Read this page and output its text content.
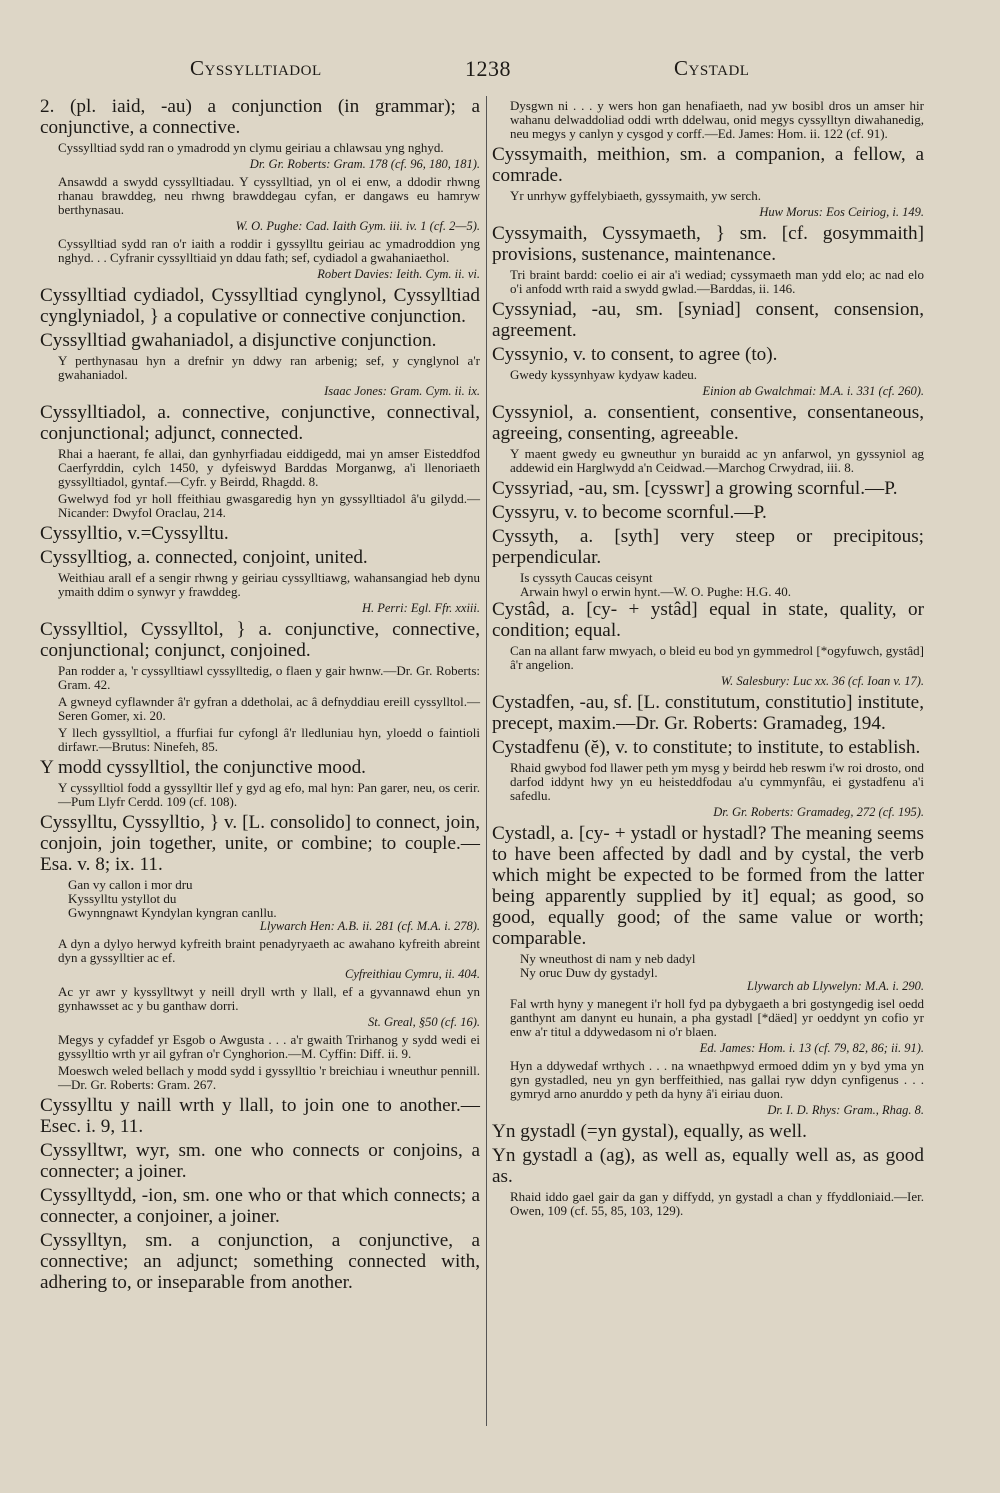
Cyssylltiadol	1238	Cystadl
2. (pl. iaid, -au) a conjunction (in grammar); a conjunctive, a connective.
Cyssylltiad sydd ran o ymadrodd yn clymu geiriau a chlawsau yng nghyd.
Dr. Gr. Roberts: Gram. 178 (cf. 96, 180, 181).
Ansawdd a swydd cyssylltiadau. Y cyssylltiad, yn ol ei enw, a ddodir rhwng rhanau brawddeg, neu rhwng brawddegau cyfan, er dangaws eu hamryw berthynasau.
W. O. Pughe: Cad. Iaith Gym. iii. iv. 1 (cf. 2—5).
Cyssylltiad sydd ran o'r iaith a roddir i gyssylltu geiriau ac ymadroddion yng nghyd. . . Cyfranir cyssylltiaid yn ddau fath; sef, cydiadol a gwahaniaethol.
Robert Davies: Ieith. Cym. ii. vi.
Cyssylltiad cydiadol, Cyssylltiad cynglynol, Cyssylltiad cynglyniadol, } a copulative or connective conjunction.
Cyssylltiad gwahaniadol, a disjunctive conjunction.
Y perthynasau hyn a drefnir yn ddwy ran arbenig; sef, y cynglynol a'r gwahaniadol.
Isaac Jones: Gram. Cym. ii. ix.
Cyssylltiadol, a. connective, conjunctive, connectival, conjunctional; adjunct, connected.
Rhai a haerant, fe allai, dan gynhyrfiadau eiddigedd, mai yn amser Eisteddfod Caerfyrddin, cylch 1450, y dyfeiswyd Barddas Morganwg, a'i llenoriaeth gyssylltiadol, gyntaf.—Cyfr. y Beirdd, Rhagdd. 8.
Gwelwyd fod yr holl ffeithiau gwasgaredig hyn yn gyssylltiadol â'u gilydd.—Nicander: Dwyfol Oraclau, 214.
Cyssylltio, v.=Cyssylltu.
Cyssylltiog, a. connected, conjoint, united.
Weithiau arall ef a sengir rhwng y geiriau cyssylltiawg, wahansangiad heb dynu ymaith ddim o synwyr y frawddeg.
H. Perri: Egl. Ffr. xxiii.
Cyssylltiol, Cyssylltol, } a. conjunctive, connective, conjunctional; conjunct, conjoined.
Pan rodder a, 'r cyssylltiawl cyssylltedig, o flaen y gair hwnw.—Dr. Gr. Roberts: Gram. 42.
A gwneyd cyflawnder â'r gyfran a ddetholai, ac â defnyddiau ereill cyssylltol.—Seren Gomer, xi. 20.
Y llech gyssylltiol, a ffurfiai fur cyfongl â'r lledluniau hyn, yloedd o faintioli dirfawr.—Brutus: Ninefeh, 85.
Y modd cyssylltiol, the conjunctive mood.
Y cyssylltiol fodd a gyssylltir llef y gyd ag efo, mal hyn: Pan garer, neu, os cerir.—Pum Llyfr Cerdd. 109 (cf. 108).
Cyssylltu, Cyssylltio, } v. [L. consolido] to connect, join, conjoin, join together, unite, or combine; to couple.—Esa. v. 8; ix. 11.
Gan vy callon i mor dru
Kyssylltu ystyllot du
Gwynngnawt Kyndylan kyngran canllu.
Llywarch Hen: A.B. ii. 281 (cf. M.A. i. 278).
A dyn a dylyo herwyd kyfreith braint penadyryaeth ac awahano kyfreith abreint dyn a gyssylltier ac ef.
Cyfreithiau Cymru, ii. 404.
Ac yr awr y kyssylltwyt y neill dryll wrth y llall, ef a gyvannawd ehun yn gynhawsset ac y bu ganthaw dorri.
St. Greal, §50 (cf. 16).
Megys y cyfaddef yr Esgob o Awgusta . . . a'r gwaith Trirhanog y sydd wedi ei gyssylltio wrth yr ail gyfran o'r Cynghorion.—M. Cyffin: Diff. ii. 9.
Moeswch weled bellach y modd sydd i gyssylltio 'r breichiau i wneuthur pennill.—Dr. Gr. Roberts: Gram. 267.
Cyssylltu y naill wrth y llall, to join one to another.—Esec. i. 9, 11.
Cyssylltwr, wyr, sm. one who connects or conjoins, a connecter; a joiner.
Cyssylltydd, -ion, sm. one who or that which connects; a connecter, a conjoiner, a joiner.
Cyssylltyn, sm. a conjunction, a conjunctive, a connective; an adjunct; something connected with, adhering to, or inseparable from another.
Dysgwn ni . . . y wers hon gan henafiaeth, nad yw bosibl dros un amser hir wahanu delwaddoliad oddi wrth ddelwau, onid megys cyssylltyn diwahanedig, neu megys y canlyn y cysgod y corff.—Ed. James: Hom. ii. 122 (cf. 91).
Cyssymaith, meithion, sm. a companion, a fellow, a comrade.
Yr unrhyw gyffelybiaeth, gyssymaith, yw serch.
Huw Morus: Eos Ceiriog, i. 149.
Cyssymaith, Cyssymaeth, } sm. [cf. gosymmaith] provisions, sustenance, maintenance.
Tri braint bardd: coelio ei air a'i wediad; cyssymaeth man ydd elo; ac nad elo o'i anfodd wrth raid a swydd gwlad.—Barddas, ii. 146.
Cyssyniad, -au, sm. [syniad] consent, consension, agreement.
Cyssynio, v. to consent, to agree (to).
Gwedy kyssynhyaw kydyaw kadeu.
Einion ab Gwalchmai: M.A. i. 331 (cf. 260).
Cyssyniol, a. consentient, consentive, consentaneous, agreeing, consenting, agreeable.
Y maent gwedy eu gwneuthur yn buraidd ac yn anfarwol, yn gyssyniol ag addewid ein Harglwydd a'n Ceidwad.—Marchog Crwydrad, iii. 8.
Cyssyriad, -au, sm. [cysswr] a growing scornful.—P.
Cyssyru, v. to become scornful.—P.
Cyssyth, a. [syth] very steep or precipitous; perpendicular.
Is cyssyth Caucas ceisynt
Arwain hwyl o erwin hynt.—W. O. Pughe: H.G. 40.
Cystâd, a. [cy- + ystâd] equal in state, quality, or condition; equal.
Can na allant farw mwyach, o bleid eu bod yn gymmedrol [*ogyfuwch, gystâd] â'r angelion.
W. Salesbury: Luc xx. 36 (cf. Ioan v. 17).
Cystadfen, -au, sf. [L. constitutum, constitutio] institute, precept, maxim.—Dr. Gr. Roberts: Gramadeg, 194.
Cystadfenu (ĕ), v. to constitute; to institute, to establish.
Rhaid gwybod fod llawer peth ym mysg y beirdd heb reswm i'w roi drosto, ond darfod iddynt hwy yn eu heisteddfodau a'u cymmynfâu, ei gystadfenu a'i safedlu.
Dr. Gr. Roberts: Gramadeg, 272 (cf. 195).
Cystadl, a. [cy- + ystadl or hystadl? The meaning seems to have been affected by dadl and by cystal, the verb which might be expected to be formed from the latter being apparently supplied by it] equal; as good, so good, equally good; of the same value or worth; comparable.
Ny wneuthost di nam y neb dadyl
Ny oruc Duw dy gystadyl.
Llywarch ab Llywelyn: M.A. i. 290.
Fal wrth hyny y manegent i'r holl fyd pa dybygaeth a bri gostyngedig isel oedd ganthynt am danynt eu hunain, a pha gystadl [*däed] yr oeddynt yn cofio yr enw a'r titul a ddywedasom ni o'r blaen.
Ed. James: Hom. i. 13 (cf. 79, 82, 86; ii. 91).
Hyn a ddywedaf wrthych . . . na wnaethpwyd ermoed ddim yn y byd yma yn gyn gystadled, neu yn gyn berffeithied, nas gallai ryw ddyn cynfigenus . . . gymryd arno anurddo y peth da hyny â'i eiriau duon.
Dr. I. D. Rhys: Gram., Rhag. 8.
Yn gystadl (=yn gystal), equally, as well.
Yn gystadl a (ag), as well as, equally well as, as good as.
Rhaid iddo gael gair da gan y diffydd, yn gystadl a chan y ffyddloniaid.—Ier. Owen, 109 (cf. 55, 85, 103, 129).
